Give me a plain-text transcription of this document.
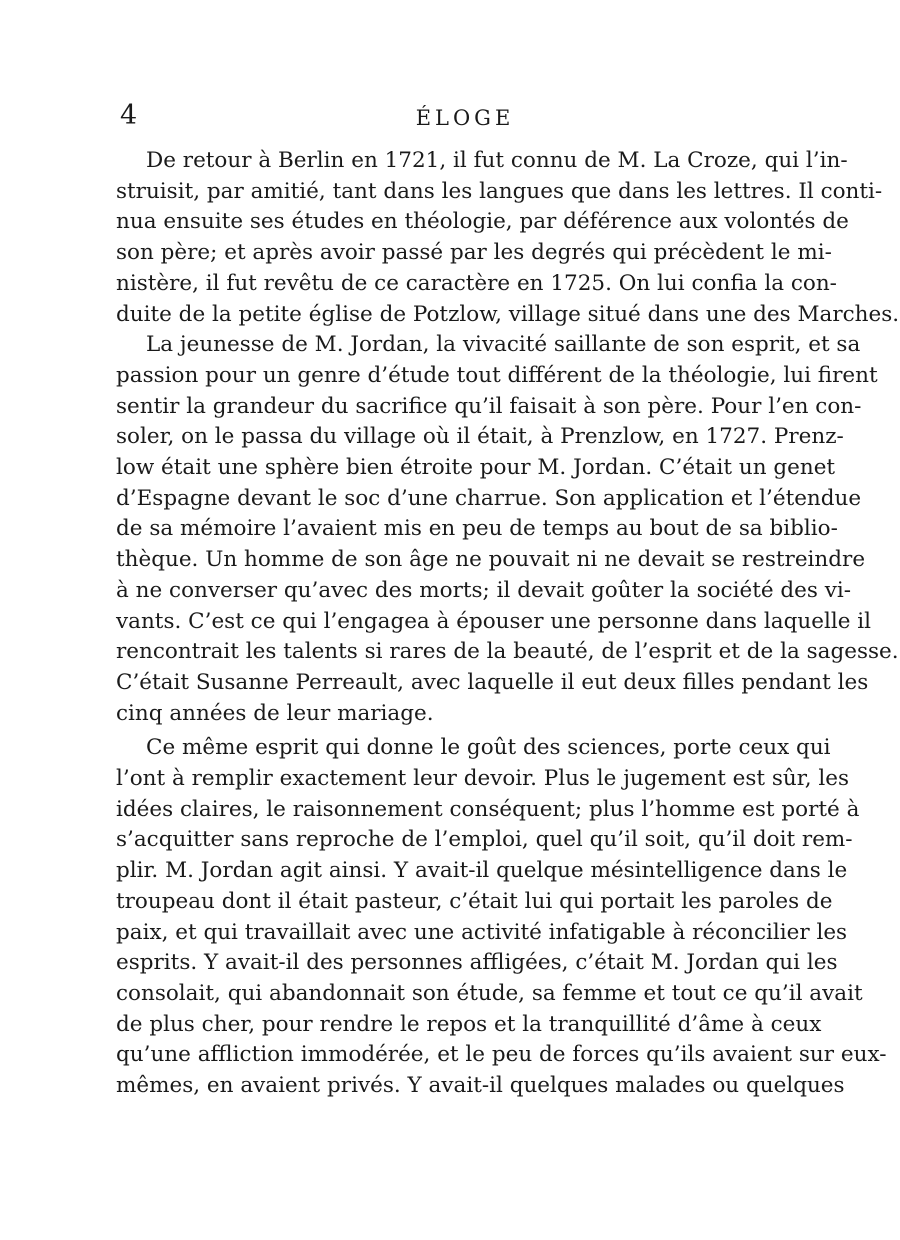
4	ÉLOGE
De retour à Berlin en 1721, il fut connu de M. La Croze, qui l’in-
struisit, par amitié, tant dans les langues que dans les lettres. Il conti-
nua ensuite ses études en théologie, par déférence aux volontés de
son père; et après avoir passé par les degrés qui précèdent le mi-
nistère, il fut revêtu de ce caractère en 1725. On lui confia la con-
duite de la petite église de Potzlow, village situé dans une des Marches.
La jeunesse de M. Jordan, la vivacité saillante de son esprit, et sa
passion pour un genre d’étude tout différent de la théologie, lui firent
sentir la grandeur du sacrifice qu’il faisait à son père. Pour l’en con-
soler, on le passa du village où il était, à Prenzlow, en 1727. Prenz-
low était une sphère bien étroite pour M. Jordan. C’était un genet
d’Espagne devant le soc d’une charrue. Son application et l’étendue
de sa mémoire l’avaient mis en peu de temps au bout de sa biblio-
thèque. Un homme de son âge ne pouvait ni ne devait se restreindre
à ne converser qu’avec des morts; il devait goûter la société des vi-
vants. C’est ce qui l’engagea à épouser une personne dans laquelle il
rencontrait les talents si rares de la beauté, de l’esprit et de la sagesse.
C’était Susanne Perreault, avec laquelle il eut deux filles pendant les
cinq années de leur mariage.
Ce même esprit qui donne le goût des sciences, porte ceux qui
l’ont à remplir exactement leur devoir. Plus le jugement est sûr, les
idées claires, le raisonnement conséquent; plus l’homme est porté à
s’acquitter sans reproche de l’emploi, quel qu’il soit, qu’il doit rem-
plir. M. Jordan agit ainsi. Y avait-il quelque mésintelligence dans le
troupeau dont il était pasteur, c’était lui qui portait les paroles de
paix, et qui travaillait avec une activité infatigable à réconcilier les
esprits. Y avait-il des personnes affligées, c’était M. Jordan qui les
consolait, qui abandonnait son étude, sa femme et tout ce qu’il avait
de plus cher, pour rendre le repos et la tranquillité d’âme à ceux
qu’une affliction immodérée, et le peu de forces qu’ils avaient sur eux-
mêmes, en avaient privés. Y avait-il quelques malades ou quelques
